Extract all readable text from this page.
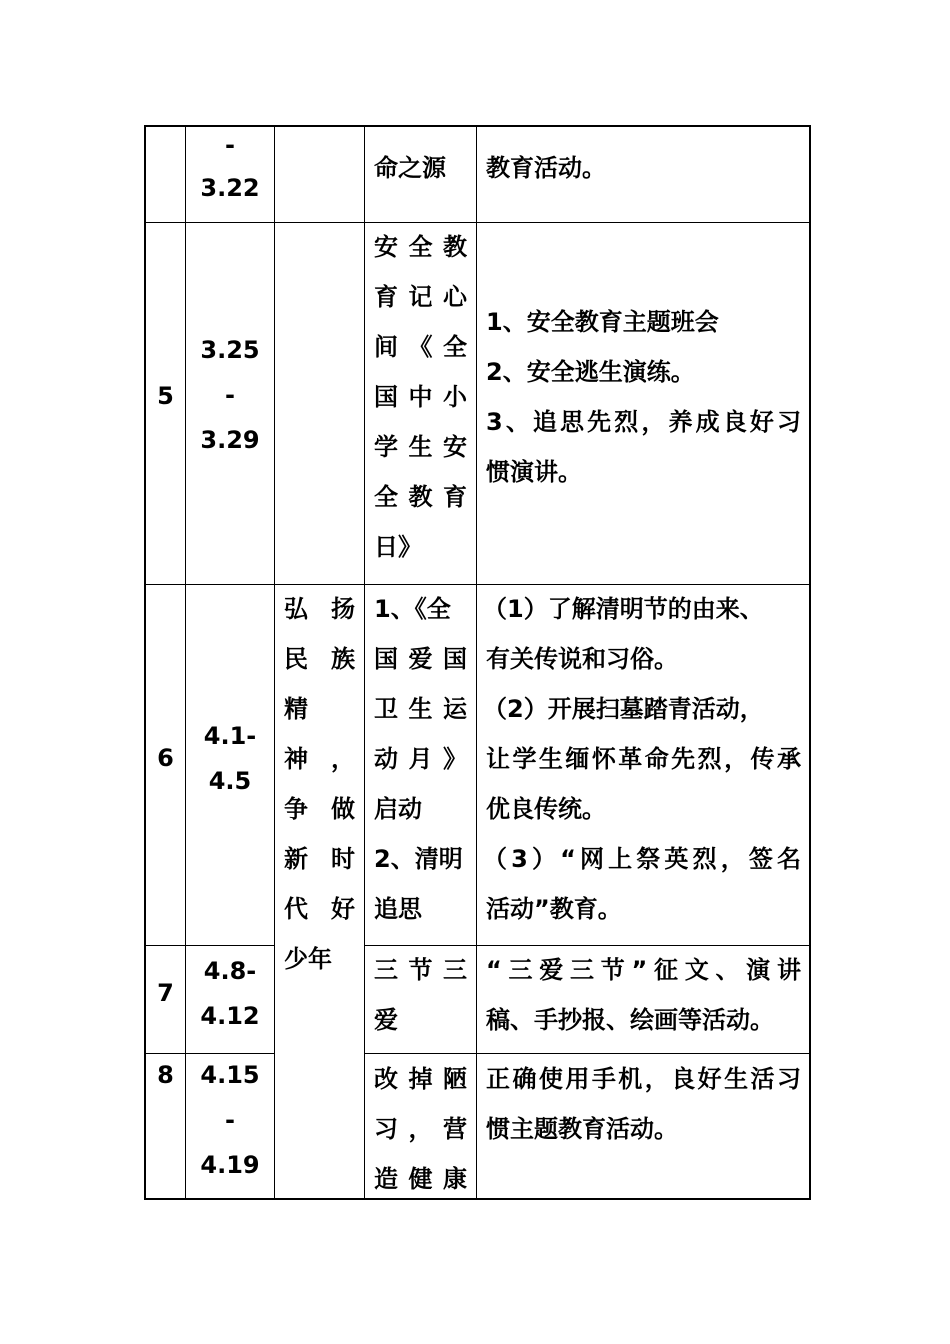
-
3.22
命之源	教育活动。
5
3.25
-
3.29
安全教
育记心
间《全
国中小
学生安
全教育
日》
1、安全教育主题班会
2、安全逃生演练。
3、追思先烈，养成良好习
惯演讲。
6
4.1-
4.5
1、《全
国爱国
卫生运
动月》
启动
2、清明
追思
（1）了解清明节的由来、
有关传说和习俗。
（2）开展扫墓踏青活动，
让学生缅怀革命先烈，传承
优良传统。
（3）“网上祭英烈，签名
活动”教育。
7
4.8-
4.12
三节三
爱
“三爱三节”征文、演讲
稿、手抄报、绘画等活动。
8	4.15
-
4.19
改掉陋
习，营
造健康
正确使用手机，良好生活习
惯主题教育活动。
弘扬
民族
精
神，
争做
新时
代好
少年
